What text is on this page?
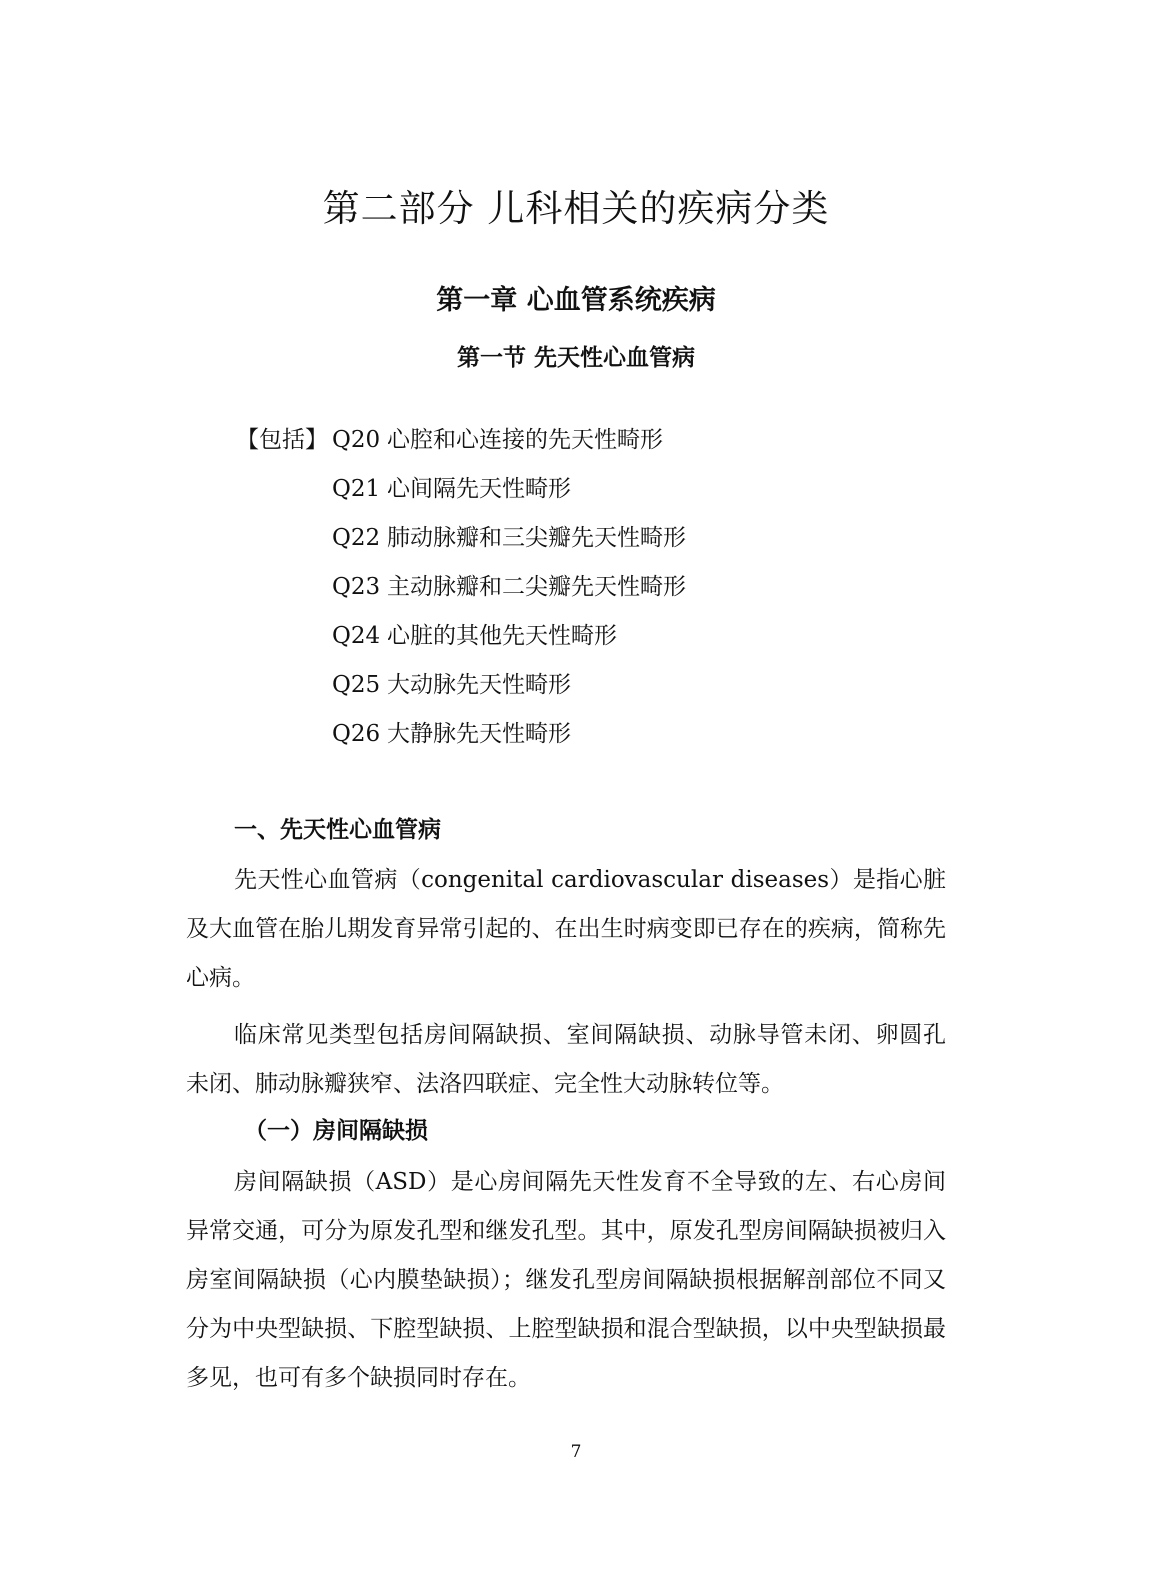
第二部分 儿科相关的疾病分类
第一章 心血管系统疾病
第一节 先天性心血管病
【包括】 Q20 心腔和心连接的先天性畸形
Q21 心间隔先天性畸形
Q22 肺动脉瓣和三尖瓣先天性畸形
Q23 主动脉瓣和二尖瓣先天性畸形
Q24 心脏的其他先天性畸形
Q25 大动脉先天性畸形
Q26 大静脉先天性畸形
一、先天性心血管病

先天性心血管病（congenital cardiovascular diseases）是指心脏及大血管在胎儿期发育异常引起的、在出生时病变即已存在的疾病，简称先心病。

临床常见类型包括房间隔缺损、室间隔缺损、动脉导管未闭、卵圆孔未闭、肺动脉瓣狭窄、法洛四联症、完全性大动脉转位等。

（一）房间隔缺损

房间隔缺损（ASD）是心房间隔先天性发育不全导致的左、右心房间异常交通，可分为原发孔型和继发孔型。其中，原发孔型房间隔缺损被归入房室间隔缺损（心内膜垫缺损）；继发孔型房间隔缺损根据解剖部位不同又分为中央型缺损、下腔型缺损、上腔型缺损和混合型缺损，以中央型缺损最多见，也可有多个缺损同时存在。

7
